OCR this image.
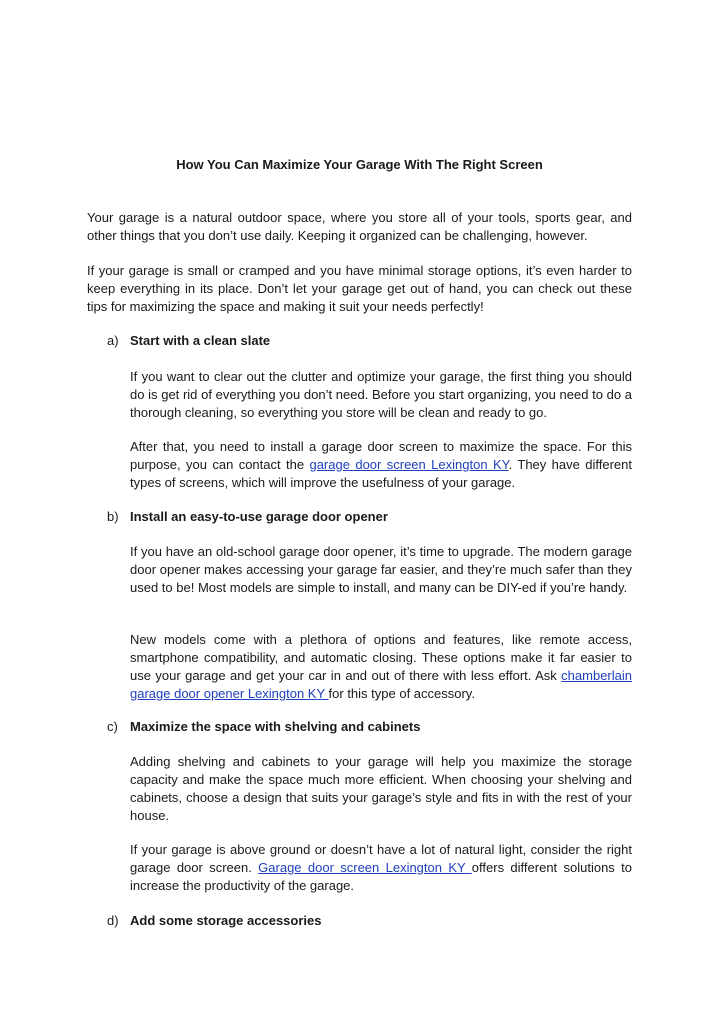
How You Can Maximize Your Garage With The Right Screen

Your garage is a natural outdoor space, where you store all of your tools, sports gear, and other things that you don’t use daily. Keeping it organized can be challenging, however.

If your garage is small or cramped and you have minimal storage options, it’s even harder to keep everything in its place. Don’t let your garage get out of hand, you can check out these tips for maximizing the space and making it suit your needs perfectly!

a) Start with a clean slate

If you want to clear out the clutter and optimize your garage, the first thing you should do is get rid of everything you don’t need. Before you start organizing, you need to do a thorough cleaning, so everything you store will be clean and ready to go.

After that, you need to install a garage door screen to maximize the space. For this purpose, you can contact the garage door screen Lexington KY. They have different types of screens, which will improve the usefulness of your garage.

b) Install an easy-to-use garage door opener

If you have an old-school garage door opener, it’s time to upgrade. The modern garage door opener makes accessing your garage far easier, and they’re much safer than they used to be! Most models are simple to install, and many can be DIY-ed if you’re handy.

New models come with a plethora of options and features, like remote access, smartphone compatibility, and automatic closing. These options make it far easier to use your garage and get your car in and out of there with less effort. Ask chamberlain garage door opener Lexington KY for this type of accessory.

c) Maximize the space with shelving and cabinets

Adding shelving and cabinets to your garage will help you maximize the storage capacity and make the space much more efficient. When choosing your shelving and cabinets, choose a design that suits your garage’s style and fits in with the rest of your house.

If your garage is above ground or doesn’t have a lot of natural light, consider the right garage door screen. Garage door screen Lexington KY offers different solutions to increase the productivity of the garage.

d) Add some storage accessories
